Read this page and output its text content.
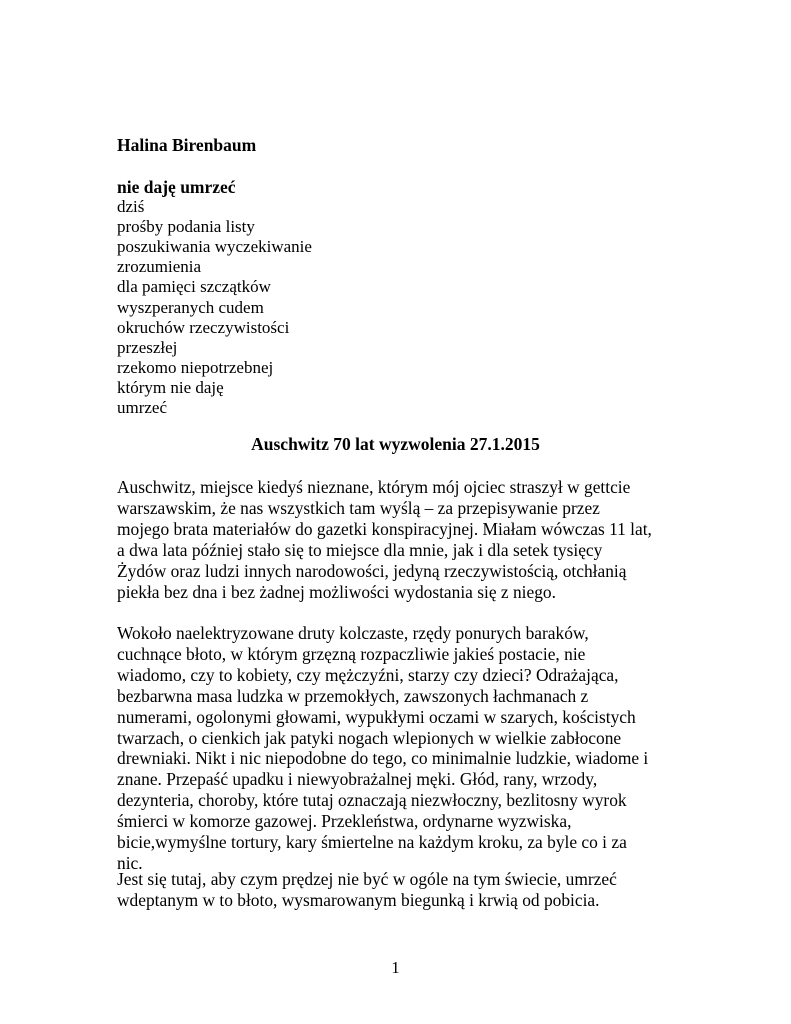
Halina Birenbaum
nie daję umrzeć
dziś
prośby podania listy
poszukiwania wyczekiwanie
zrozumienia
dla pamięci szczątków
wyszperanych cudem
okruchów rzeczywistości
przeszłej
rzekomo niepotrzebnej
którym nie daję
umrzeć
Auschwitz 70 lat wyzwolenia 27.1.2015

Auschwitz, miejsce kiedyś nieznane, którym mój ojciec straszył w gettcie
warszawskim, że nas wszystkich tam wyślą – za przepisywanie przez
mojego brata materiałów do gazetki konspiracyjnej. Miałam wówczas 11 lat,
a dwa lata później stało się to miejsce dla mnie, jak i dla setek tysięcy
Żydów oraz ludzi innych narodowości, jedyną rzeczywistością, otchłanią
piekła bez dna i bez żadnej możliwości wydostania się z niego.

Wokoło naelektryzowane druty kolczaste, rzędy ponurych baraków,
cuchnące błoto, w którym grzęzną rozpaczliwie jakieś postacie, nie
wiadomo, czy to kobiety, czy mężczyźni, starzy czy dzieci? Odrażająca,
bezbarwna masa ludzka w przemokłych, zawszonych łachmanach z
numerami, ogolonymi głowami, wypukłymi oczami w szarych, kościstych
twarzach, o cienkich jak patyki nogach wlepionych w wielkie zabłocone
drewniaki. Nikt i nic niepodobne do tego, co minimalnie ludzkie, wiadome i
znane. Przepaść upadku i niewyobrażalnej męki. Głód, rany, wrzody,
dezynteria, choroby, które tutaj oznaczają niezwłoczny, bezlitosny wyrok
śmierci w komorze gazowej. Przekleństwa, ordynarne wyzwiska,
bicie,wymyślne tortury, kary śmiertelne na każdym kroku, za byle co i za
nic.

Jest się tutaj, aby czym prędzej nie być w ogóle na tym świecie, umrzeć
wdeptanym w to błoto, wysmarowanym biegunką i krwią od pobicia.

1
